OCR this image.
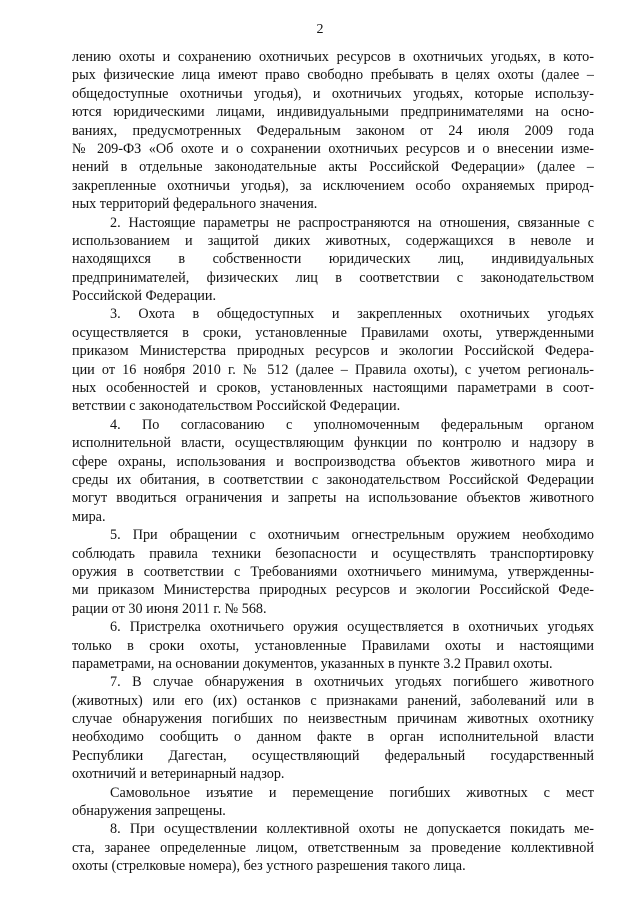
2
лению охоты и сохранению охотничьих ресурсов в охотничьих угодьях, в кото-
рых физические лица имеют право свободно пребывать в целях охоты (далее –
общедоступные охотничьи угодья), и охотничьих угодьях, которые использу-
ются юридическими лицами, индивидуальными предпринимателями на осно-
ваниях, предусмотренных Федеральным законом от 24 июля 2009 года
№ 209-ФЗ «Об охоте и о сохранении охотничьих ресурсов и о внесении изме-
нений в отдельные законодательные акты Российской Федерации» (далее –
закрепленные охотничьи угодья), за исключением особо охраняемых природ-
ных территорий федерального значения.
2. Настоящие параметры не распространяются на отношения, связанные с
использованием и защитой диких животных, содержащихся в неволе и
находящихся в собственности юридических лиц, индивидуальных
предпринимателей, физических лиц в соответствии с законодательством
Российской Федерации.
3. Охота в общедоступных и закрепленных охотничьих угодьях
осуществляется в сроки, установленные Правилами охоты, утвержденными
приказом Министерства природных ресурсов и экологии Российской Федера-
ции от 16 ноября 2010 г. № 512 (далее – Правила охоты), с учетом региональ-
ных особенностей и сроков, установленных настоящими параметрами в соот-
ветствии с законодательством Российской Федерации.
4. По согласованию с уполномоченным федеральным органом
исполнительной власти, осуществляющим функции по контролю и надзору в
сфере охраны, использования и воспроизводства объектов животного мира и
среды их обитания, в соответствии с законодательством Российской Федерации
могут вводиться ограничения и запреты на использование объектов животного
мира.
5. При обращении с охотничьим огнестрельным оружием необходимо
соблюдать правила техники безопасности и осуществлять транспортировку
оружия в соответствии с Требованиями охотничьего минимума, утвержденны-
ми приказом Министерства природных ресурсов и экологии Российской Феде-
рации от 30 июня 2011 г. № 568.
6. Пристрелка охотничьего оружия осуществляется в охотничьих угодьях
только в сроки охоты, установленные Правилами охоты и настоящими
параметрами, на основании документов, указанных в пункте 3.2 Правил охоты.
7. В случае обнаружения в охотничьих угодьях погибшего животного
(животных) или его (их) останков с признаками ранений, заболеваний или в
случае обнаружения погибших по неизвестным причинам животных охотнику
необходимо сообщить о данном факте в орган исполнительной власти
Республики Дагестан, осуществляющий федеральный государственный
охотничий и ветеринарный надзор.
Самовольное изъятие и перемещение погибших животных с мест
обнаружения запрещены.
8. При осуществлении коллективной охоты не допускается покидать ме-
ста, заранее определенные лицом, ответственным за проведение коллективной
охоты (стрелковые номера), без устного разрешения такого лица.
